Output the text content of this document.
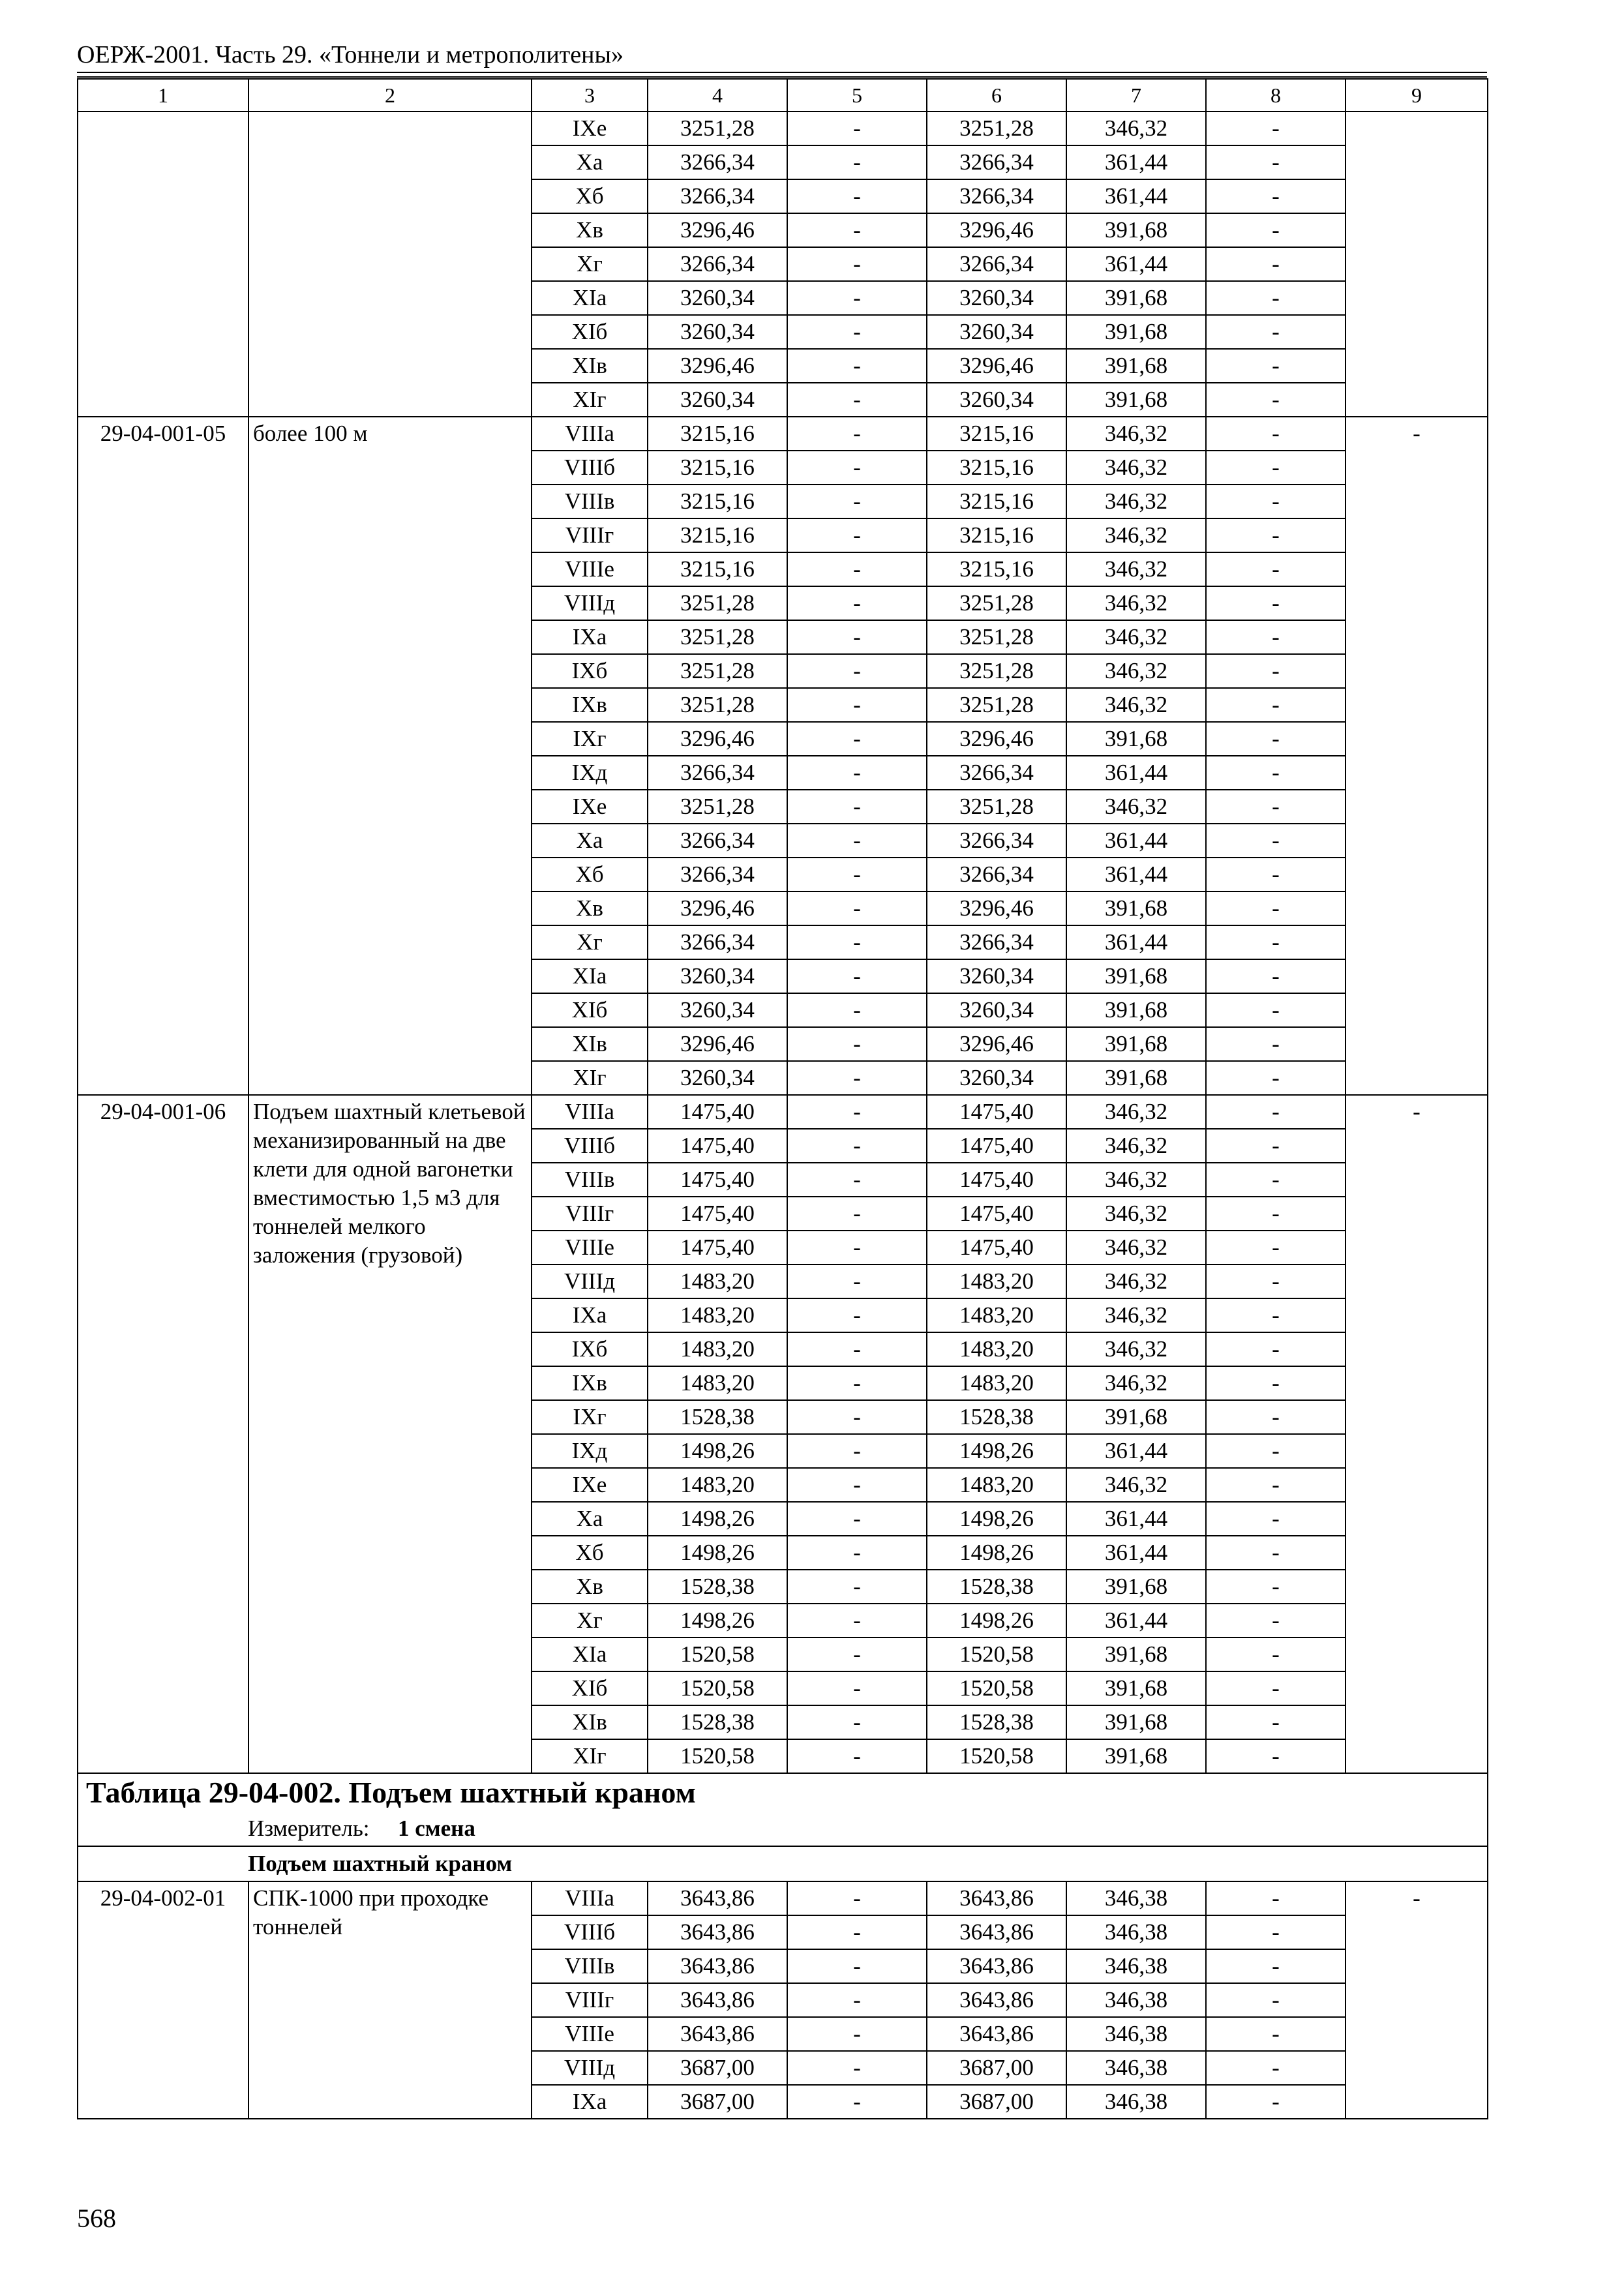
ОЕРЖ-2001. Часть 29. «Тоннели и метрополитены»
1	2	3	4	5	6	7	8	9
		IXе	3251,28	-	3251,28	346,32	-	
		Xа	3266,34	-	3266,34	361,44	-	
		Xб	3266,34	-	3266,34	361,44	-	
		Xв	3296,46	-	3296,46	391,68	-	
		Xг	3266,34	-	3266,34	361,44	-	
		XIа	3260,34	-	3260,34	391,68	-	
		XIб	3260,34	-	3260,34	391,68	-	
		XIв	3296,46	-	3296,46	391,68	-	
		XIг	3260,34	-	3260,34	391,68	-	
29-04-001-05	более 100 м	VIIIа	3215,16	-	3215,16	346,32	-	-
		VIIIб	3215,16	-	3215,16	346,32	-	
		VIIIв	3215,16	-	3215,16	346,32	-	
		VIIIг	3215,16	-	3215,16	346,32	-	
		VIIIе	3215,16	-	3215,16	346,32	-	
		VIIIд	3251,28	-	3251,28	346,32	-	
		IXа	3251,28	-	3251,28	346,32	-	
		IXб	3251,28	-	3251,28	346,32	-	
		IXв	3251,28	-	3251,28	346,32	-	
		IXг	3296,46	-	3296,46	391,68	-	
		IXд	3266,34	-	3266,34	361,44	-	
		IXе	3251,28	-	3251,28	346,32	-	
		Xа	3266,34	-	3266,34	361,44	-	
		Xб	3266,34	-	3266,34	361,44	-	
		Xв	3296,46	-	3296,46	391,68	-	
		Xг	3266,34	-	3266,34	361,44	-	
		XIа	3260,34	-	3260,34	391,68	-	
		XIб	3260,34	-	3260,34	391,68	-	
		XIв	3296,46	-	3296,46	391,68	-	
		XIг	3260,34	-	3260,34	391,68	-	
29-04-001-06	Подъем шахтный клетьевой механизированный на две клети для одной вагонетки вместимостью 1,5 м3 для тоннелей мелкого заложения (грузовой)	VIIIа	1475,40	-	1475,40	346,32	-	-
		VIIIб	1475,40	-	1475,40	346,32	-	
		VIIIв	1475,40	-	1475,40	346,32	-	
		VIIIг	1475,40	-	1475,40	346,32	-	
		VIIIе	1475,40	-	1475,40	346,32	-	
		VIIIд	1483,20	-	1483,20	346,32	-	
		IXа	1483,20	-	1483,20	346,32	-	
		IXб	1483,20	-	1483,20	346,32	-	
		IXв	1483,20	-	1483,20	346,32	-	
		IXг	1528,38	-	1528,38	391,68	-	
		IXд	1498,26	-	1498,26	361,44	-	
		IXе	1483,20	-	1483,20	346,32	-	
		Xа	1498,26	-	1498,26	361,44	-	
		Xб	1498,26	-	1498,26	361,44	-	
		Xв	1528,38	-	1528,38	391,68	-	
		Xг	1498,26	-	1498,26	361,44	-	
		XIа	1520,58	-	1520,58	391,68	-	
		XIб	1520,58	-	1520,58	391,68	-	
		XIв	1528,38	-	1528,38	391,68	-	
		XIг	1520,58	-	1520,58	391,68	-	
Таблица 29-04-002. Подъем шахтный краном								
Измеритель: 1 смена								
Подъем шахтный краном								
29-04-002-01	СПК-1000 при проходке тоннелей	VIIIа	3643,86	-	3643,86	346,38	-	-
		VIIIб	3643,86	-	3643,86	346,38	-	
		VIIIв	3643,86	-	3643,86	346,38	-	
		VIIIг	3643,86	-	3643,86	346,38	-	
		VIIIе	3643,86	-	3643,86	346,38	-	
		VIIIд	3687,00	-	3687,00	346,38	-	
		IXа	3687,00	-	3687,00	346,38	-	
568
